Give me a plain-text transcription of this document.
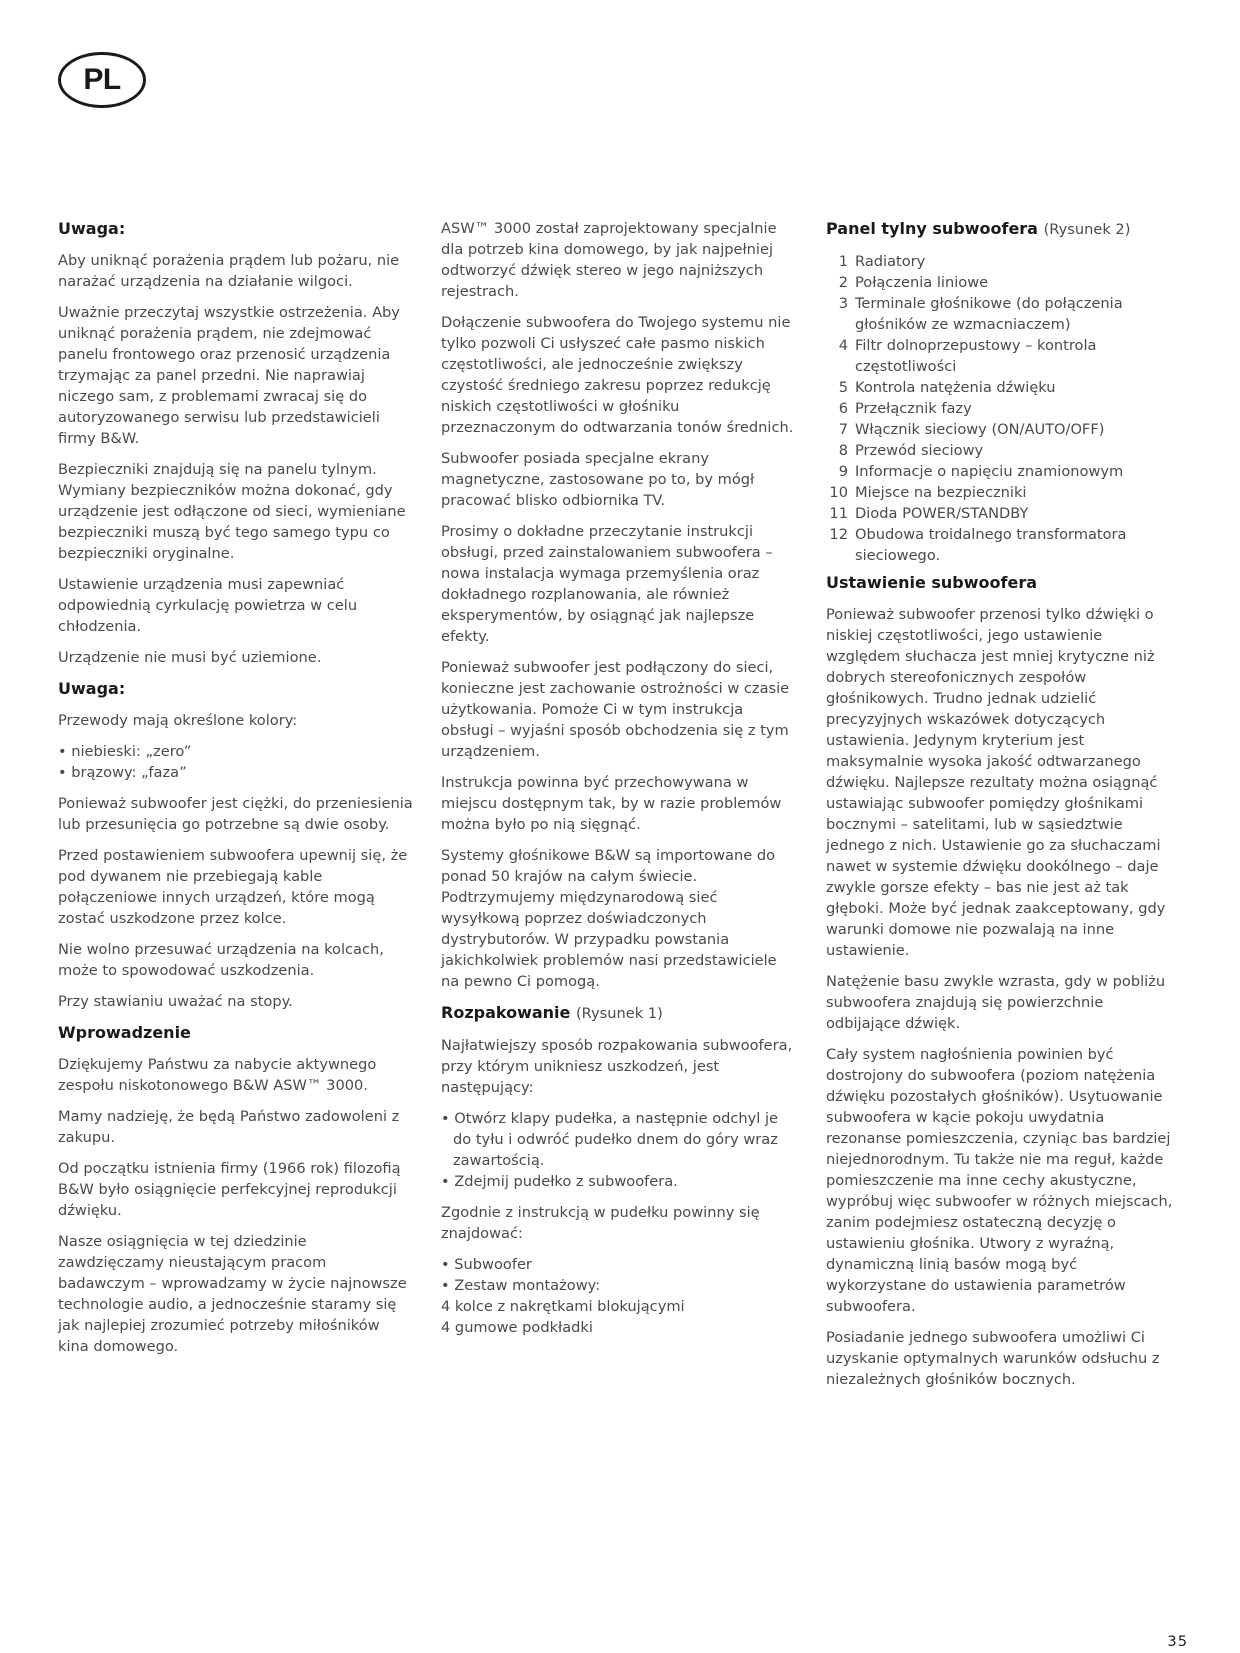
PL
Uwaga:

Aby uniknąć porażenia prądem lub pożaru, nie narażać urządzenia na działanie wilgoci.

Uważnie przeczytaj wszystkie ostrzeżenia. Aby uniknąć porażenia prądem, nie zdejmować panelu frontowego oraz przenosić urządzenia trzymając za panel przedni. Nie naprawiaj niczego sam, z problemami zwracaj się do autoryzowanego serwisu lub przedstawicieli firmy B&W.

Bezpieczniki znajdują się na panelu tylnym. Wymiany bezpieczników można dokonać, gdy urządzenie jest odłączone od sieci, wymieniane bezpieczniki muszą być tego samego typu co bezpieczniki oryginalne.

Ustawienie urządzenia musi zapewniać odpowiednią cyrkulację powietrza w celu chłodzenia.

Urządzenie nie musi być uziemione.

Uwaga:

Przewody mają określone kolory:

• niebieski: „zero”
• brązowy: „faza”

Ponieważ subwoofer jest ciężki, do przeniesienia lub przesunięcia go potrzebne są dwie osoby.

Przed postawieniem subwoofera upewnij się, że pod dywanem nie przebiegają kable połączeniowe innych urządzeń, które mogą zostać uszkodzone przez kolce.

Nie wolno przesuwać urządzenia na kolcach, może to spowodować uszkodzenia.

Przy stawianiu uważać na stopy.

Wprowadzenie

Dziękujemy Państwu za nabycie aktywnego zespołu niskotonowego B&W ASW™ 3000.

Mamy nadzieję, że będą Państwo zadowoleni z zakupu.

Od początku istnienia firmy (1966 rok) filozofią B&W było osiągnięcie perfekcyjnej reprodukcji dźwięku.

Nasze osiągnięcia w tej dziedzinie zawdzięczamy nieustającym pracom badawczym – wprowadzamy w życie najnowsze technologie audio, a jednocześnie staramy się jak najlepiej zrozumieć potrzeby miłośników kina domowego.

ASW™ 3000 został zaprojektowany specjalnie dla potrzeb kina domowego, by jak najpełniej odtworzyć dźwięk stereo w jego najniższych rejestrach.

Dołączenie subwoofera do Twojego systemu nie tylko pozwoli Ci usłyszeć całe pasmo niskich częstotliwości, ale jednocześnie zwiększy czystość średniego zakresu poprzez redukcję niskich częstotliwości w głośniku przeznaczonym do odtwarzania tonów średnich.

Subwoofer posiada specjalne ekrany magnetyczne, zastosowane po to, by mógł pracować blisko odbiornika TV.

Prosimy o dokładne przeczytanie instrukcji obsługi, przed zainstalowaniem subwoofera – nowa instalacja wymaga przemyślenia oraz dokładnego rozplanowania, ale również eksperymentów, by osiągnąć jak najlepsze efekty.

Ponieważ subwoofer jest podłączony do sieci, konieczne jest zachowanie ostrożności w czasie użytkowania. Pomoże Ci w tym instrukcja obsługi – wyjaśni sposób obchodzenia się z tym urządzeniem.

Instrukcja powinna być przechowywana w miejscu dostępnym tak, by w razie problemów można było po nią sięgnąć.

Systemy głośnikowe B&W są importowane do ponad 50 krajów na całym świecie. Podtrzymujemy międzynarodową sieć wysyłkową poprzez doświadczonych dystrybutorów. W przypadku powstania jakichkolwiek problemów nasi przedstawiciele na pewno Ci pomogą.

Rozpakowanie (Rysunek 1)

Najłatwiejszy sposób rozpakowania subwoofera, przy którym unikniesz uszkodzeń, jest następujący:

• Otwórz klapy pudełka, a następnie odchyl je do tyłu i odwróć pudełko dnem do góry wraz zawartością.
• Zdejmij pudełko z subwoofera.

Zgodnie z instrukcją w pudełku powinny się znajdować:

• Subwoofer
• Zestaw montażowy:
4 kolce z nakrętkami blokującymi
4 gumowe podkładki
Panel tylny subwoofera (Rysunek 2)
1 Radiatory
2 Połączenia liniowe
3 Terminale głośnikowe (do połączenia głośników ze wzmacniaczem)
4 Filtr dolnoprzepustowy – kontrola częstotliwości
5 Kontrola natężenia dźwięku
6 Przełącznik fazy
7 Włącznik sieciowy (ON/AUTO/OFF)
8 Przewód sieciowy
9 Informacje o napięciu znamionowym
10 Miejsce na bezpieczniki
11 Dioda POWER/STANDBY
12 Obudowa troidalnego transformatora sieciowego.
Ustawienie subwoofera

Ponieważ subwoofer przenosi tylko dźwięki o niskiej częstotliwości, jego ustawienie względem słuchacza jest mniej krytyczne niż dobrych stereofonicznych zespołów głośnikowych. Trudno jednak udzielić precyzyjnych wskazówek dotyczących ustawienia. Jedynym kryterium jest maksymalnie wysoka jakość odtwarzanego dźwięku. Najlepsze rezultaty można osiągnąć ustawiając subwoofer pomiędzy głośnikami bocznymi – satelitami, lub w sąsiedztwie jednego z nich. Ustawienie go za słuchaczami nawet w systemie dźwięku dookólnego – daje zwykle gorsze efekty – bas nie jest aż tak głęboki. Może być jednak zaakceptowany, gdy warunki domowe nie pozwalają na inne ustawienie.

Natężenie basu zwykle wzrasta, gdy w pobliżu subwoofera znajdują się powierzchnie odbijające dźwięk.

Cały system nagłośnienia powinien być dostrojony do subwoofera (poziom natężenia dźwięku pozostałych głośników). Usytuowanie subwoofera w kącie pokoju uwydatnia rezonanse pomieszczenia, czyniąc bas bardziej niejednorodnym. Tu także nie ma reguł, każde pomieszczenie ma inne cechy akustyczne, wypróbuj więc subwoofer w różnych miejscach, zanim podejmiesz ostateczną decyzję o ustawieniu głośnika. Utwory z wyraźną, dynamiczną linią basów mogą być wykorzystane do ustawienia parametrów subwoofera.

Posiadanie jednego subwoofera umożliwi Ci uzyskanie optymalnych warunków odsłuchu z niezależnych głośników bocznych.

35
